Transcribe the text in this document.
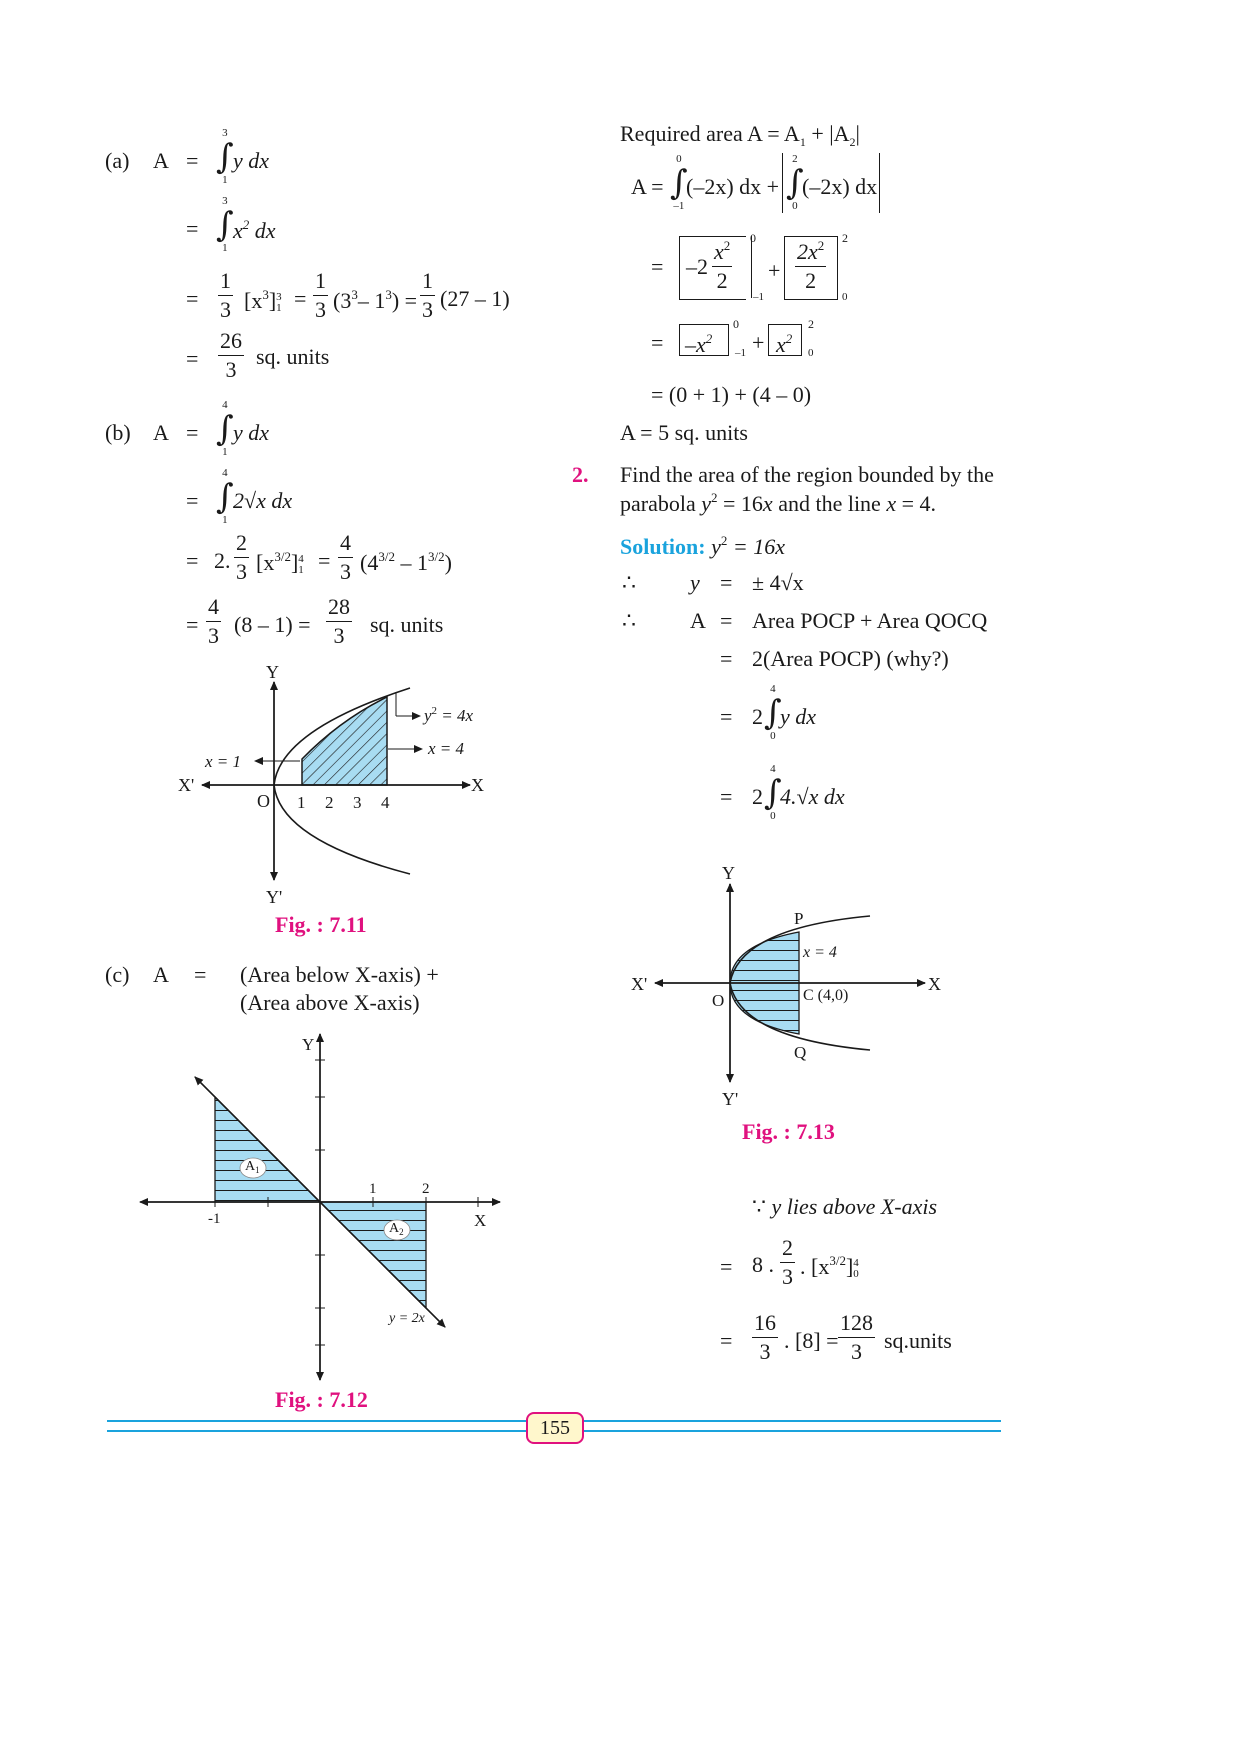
(a) A =
3
∫
1
y dx
=
3
∫
1
$x^2$ dx
=
1
3 $[x^3]$ 3
1 =
1
3 ($3^3-$ $1^3$) =
1
3 (27 – 1)
=
26
3
sq. units
(b) A =
4
∫
1
y dx
=
4
∫
1
2√x dx
= 2.
2
3 $[x^{3/2}]$ 4
1 =
4
3 $(4^{3/2} - 1^{3/2})$
=
4
3 (8 – 1) =
28
3 sq. units
Y
Y'
X
X'
O 1 2 3 4
$y^2 = 4x$
x = 4
x = 1
Fig. : 7.11
(c) A = (Area below X-axis) +
(Area above X-axis)
Y
X
-1
1	2
$A_1$
$A_2$
y = 2x
Fig. : 7.12
Required area $A = A_1 + |A_2|$
A =
0
∫
–1
(–2x) dx +
2
∫
0
(–2x) dx
= –2
$x^2$
2
0
–1
+
$2x^2$
2
2
0
= $-x^2$
0
$-1 + x^2$
2
0
= (0 + 1) + (4 – 0)
A = 5 sq. units
2. Find the area of the region bounded by the
parabola $y^2 = 16x$ and the line x = 4.
Solution: $y^2 = 16x$
∴ y = ± 4√x
∴ A = Area POCP + Area QOCQ
= 2(Area POCP) (why?)
= 2
4
∫
0
y dx
= 2
4
∫
0
4.√x dx
Y
Y'
X
X'
O
P
Q
C (4,0)
x = 4
Fig. : 7.13
∵ y lies above X-axis
= 8 .
2
3 . $[x^{3/2}]$ 4
0
=
16
3 . [8] =
128
3 sq.units
155
